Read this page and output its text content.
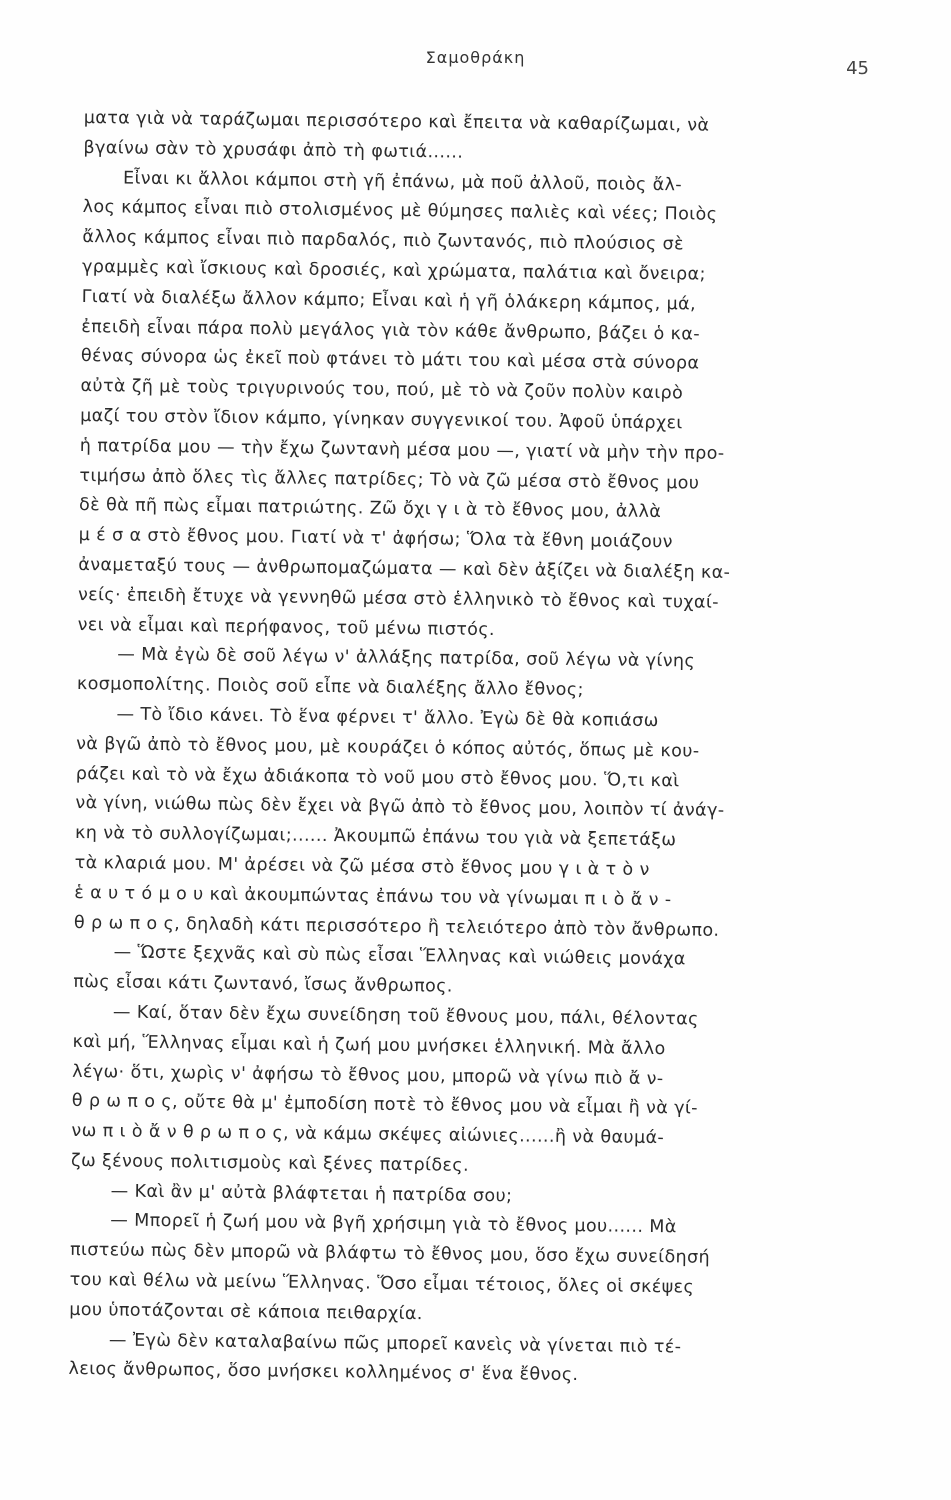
Σαμοθράκη
45
ματα γιὰ νὰ ταράζωμαι περισσότερο καὶ ἔπειτα νὰ καθαρίζωμαι, νὰ
βγαίνω σὰν τὸ χρυσάφι ἀπὸ τὴ φωτιά......
Εἶναι κι ἄλλοι κάμποι στὴ γῆ ἐπάνω, μὰ ποῦ ἀλλοῦ, ποιὸς ἄλ-
λος κάμπος εἶναι πιὸ στολισμένος μὲ θύμησες παλιὲς καὶ νέες; Ποιὸς
ἄλλος κάμπος εἶναι πιὸ παρδαλός, πιὸ ζωντανός, πιὸ πλούσιος σὲ
γραμμὲς καὶ ἴσκιους καὶ δροσιές, καὶ χρώματα, παλάτια καὶ ὄνειρα;
Γιατί νὰ διαλέξω ἄλλον κάμπο; Εἶναι καὶ ἡ γῆ ὁλάκερη κάμπος, μά,
ἐπειδὴ εἶναι πάρα πολὺ μεγάλος γιὰ τὸν κάθε ἄνθρωπο, βάζει ὁ κα-
θένας σύνορα ὡς ἐκεῖ ποὺ φτάνει τὸ μάτι του καὶ μέσα στὰ σύνορα
αὐτὰ ζῆ μὲ τοὺς τριγυρινούς του, πού, μὲ τὸ νὰ ζοῦν πολὺν καιρὸ
μαζί του στὸν ἴδιον κάμπο, γίνηκαν συγγενικοί του. Ἀφοῦ ὑπάρχει
ἡ πατρίδα μου — τὴν ἔχω ζωντανὴ μέσα μου —, γιατί νὰ μὴν τὴν προ-
τιμήσω ἀπὸ ὅλες τὶς ἄλλες πατρίδες; Τὸ νὰ ζῶ μέσα στὸ ἔθνος μου
δὲ θὰ πῆ πὼς εἶμαι πατριώτης. Ζῶ ὄχι γ ι ὰ τὸ ἔθνος μου, ἀλλὰ
μ έ σ α στὸ ἔθνος μου. Γιατί νὰ τ' ἀφήσω; Ὅλα τὰ ἔθνη μοιάζουν
ἀναμεταξύ τους — ἀνθρωπομαζώματα — καὶ δὲν ἀξίζει νὰ διαλέξη κα-
νείς· ἐπειδὴ ἔτυχε νὰ γεννηθῶ μέσα στὸ ἑλληνικὸ τὸ ἔθνος καὶ τυχαί-
νει νὰ εἶμαι καὶ περήφανος, τοῦ μένω πιστός.
— Μὰ ἐγὼ δὲ σοῦ λέγω ν' ἀλλάξης πατρίδα, σοῦ λέγω νὰ γίνης
κοσμοπολίτης. Ποιὸς σοῦ εἶπε νὰ διαλέξης ἄλλο ἔθνος;
— Τὸ ἴδιο κάνει. Τὸ ἕνα φέρνει τ' ἄλλο. Ἐγὼ δὲ θὰ κοπιάσω
νὰ βγῶ ἀπὸ τὸ ἔθνος μου, μὲ κουράζει ὁ κόπος αὐτός, ὅπως μὲ κου-
ράζει καὶ τὸ νὰ ἔχω ἀδιάκοπα τὸ νοῦ μου στὸ ἔθνος μου. Ὅ,τι καὶ
νὰ γίνη, νιώθω πὼς δὲν ἔχει νὰ βγῶ ἀπὸ τὸ ἔθνος μου, λοιπὸν τί ἀνάγ-
κη νὰ τὸ συλλογίζωμαι;...... Ἀκουμπῶ ἐπάνω του γιὰ νὰ ξεπετάξω
τὰ κλαριά μου. Μ' ἀρέσει νὰ ζῶ μέσα στὸ ἔθνος μου γ ι ὰ τ ὸ ν
ἑ α υ τ ό μ ο υ καὶ ἀκουμπώντας ἐπάνω του νὰ γίνωμαι π ι ὸ ἄ ν -
θ ρ ω π ο ς, δηλαδὴ κάτι περισσότερο ἢ τελειότερο ἀπὸ τὸν ἄνθρωπο.
— Ὥστε ξεχνᾶς καὶ σὺ πὼς εἶσαι Ἕλληνας καὶ νιώθεις μονάχα
πὼς εἶσαι κάτι ζωντανό, ἴσως ἄνθρωπος.
— Καί, ὅταν δὲν ἔχω συνείδηση τοῦ ἔθνους μου, πάλι, θέλοντας
καὶ μή, Ἕλληνας εἶμαι καὶ ἡ ζωή μου μνήσκει ἑλληνική. Μὰ ἄλλο
λέγω· ὅτι, χωρὶς ν' ἀφήσω τὸ ἔθνος μου, μπορῶ νὰ γίνω πιὸ ἄ ν-
θ ρ ω π ο ς, οὔτε θὰ μ' ἐμποδίση ποτὲ τὸ ἔθνος μου νὰ εἶμαι ἢ νὰ γί-
νω π ι ὸ ἄ ν θ ρ ω π ο ς, νὰ κάμω σκέψες αἰώνιες......ἢ νὰ θαυμά-
ζω ξένους πολιτισμοὺς καὶ ξένες πατρίδες.
— Καὶ ἂν μ' αὐτὰ βλάφτεται ἡ πατρίδα σου;
— Μπορεῖ ἡ ζωή μου νὰ βγῆ χρήσιμη γιὰ τὸ ἔθνος μου...... Μὰ
πιστεύω πὼς δὲν μπορῶ νὰ βλάφτω τὸ ἔθνος μου, ὅσο ἔχω συνείδησή
του καὶ θέλω νὰ μείνω Ἕλληνας. Ὅσο εἶμαι τέτοιος, ὅλες οἱ σκέψες
μου ὑποτάζονται σὲ κάποια πειθαρχία.
— Ἐγὼ δὲν καταλαβαίνω πῶς μπορεῖ κανεὶς νὰ γίνεται πιὸ τέ-
λειος ἄνθρωπος, ὅσο μνήσκει κολλημένος σ' ἕνα ἔθνος.
